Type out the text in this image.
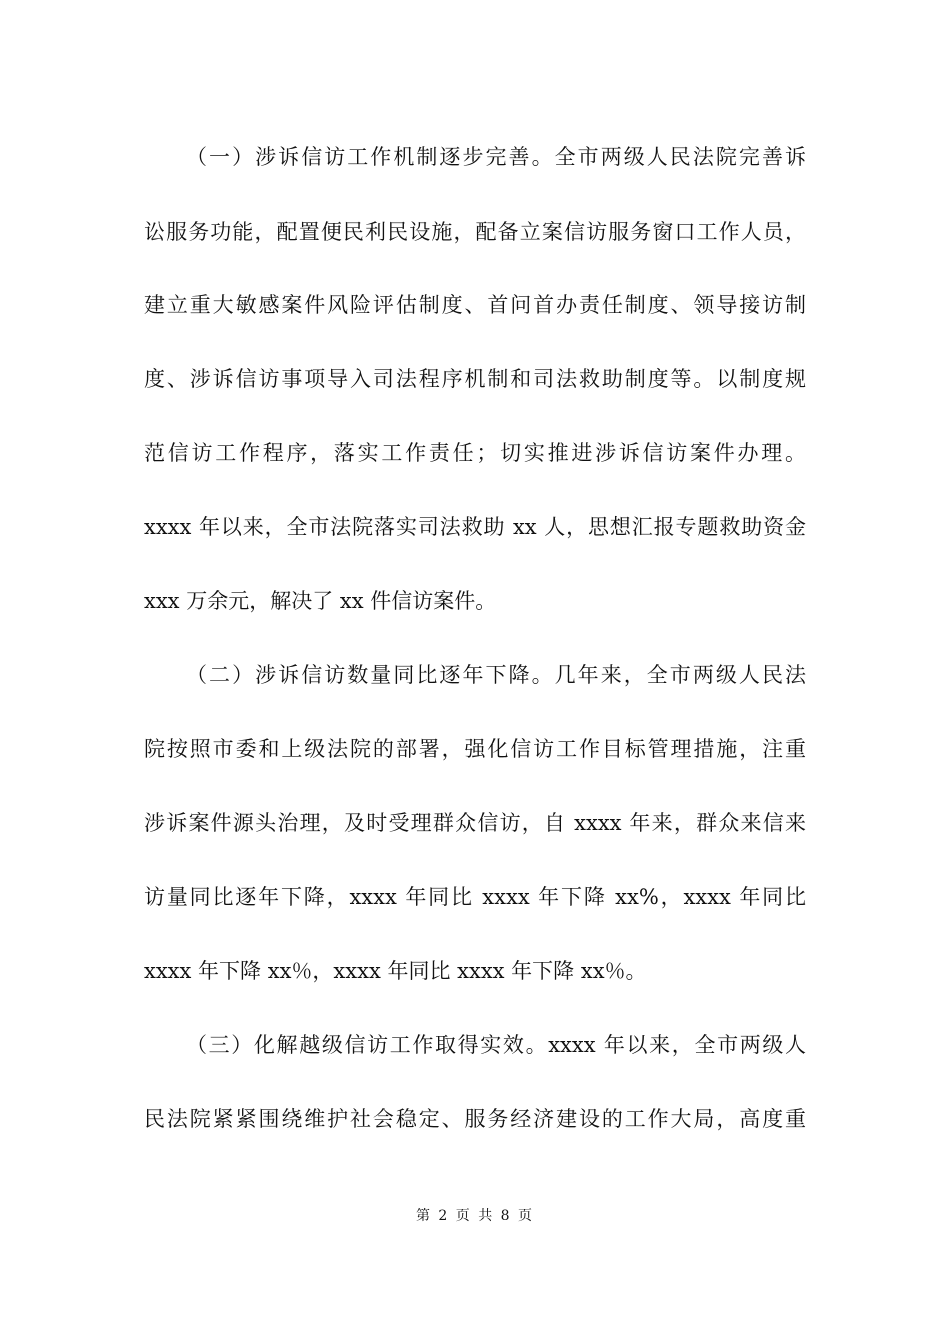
（一）涉诉信访工作机制逐步完善。全市两级人民法院完善诉
讼服务功能，配置便民利民设施，配备立案信访服务窗口工作人员，
建立重大敏感案件风险评估制度、首问首办责任制度、领导接访制
度、涉诉信访事项导入司法程序机制和司法救助制度等。以制度规
范信访工作程序，落实工作责任；切实推进涉诉信访案件办理。
xxxx 年以来，全市法院落实司法救助 xx 人，思想汇报专题救助资金
xxx 万余元，解决了 xx 件信访案件。
（二）涉诉信访数量同比逐年下降。几年来，全市两级人民法
院按照市委和上级法院的部署，强化信访工作目标管理措施，注重
涉诉案件源头治理，及时受理群众信访，自 xxxx 年来，群众来信来
访量同比逐年下降，xxxx 年同比 xxxx 年下降 xx%，xxxx 年同比
xxxx 年下降 xx％，xxxx 年同比 xxxx 年下降 xx％。
（三）化解越级信访工作取得实效。xxxx 年以来，全市两级人
民法院紧紧围绕维护社会稳定、服务经济建设的工作大局，高度重
第 2 页 共 8 页
